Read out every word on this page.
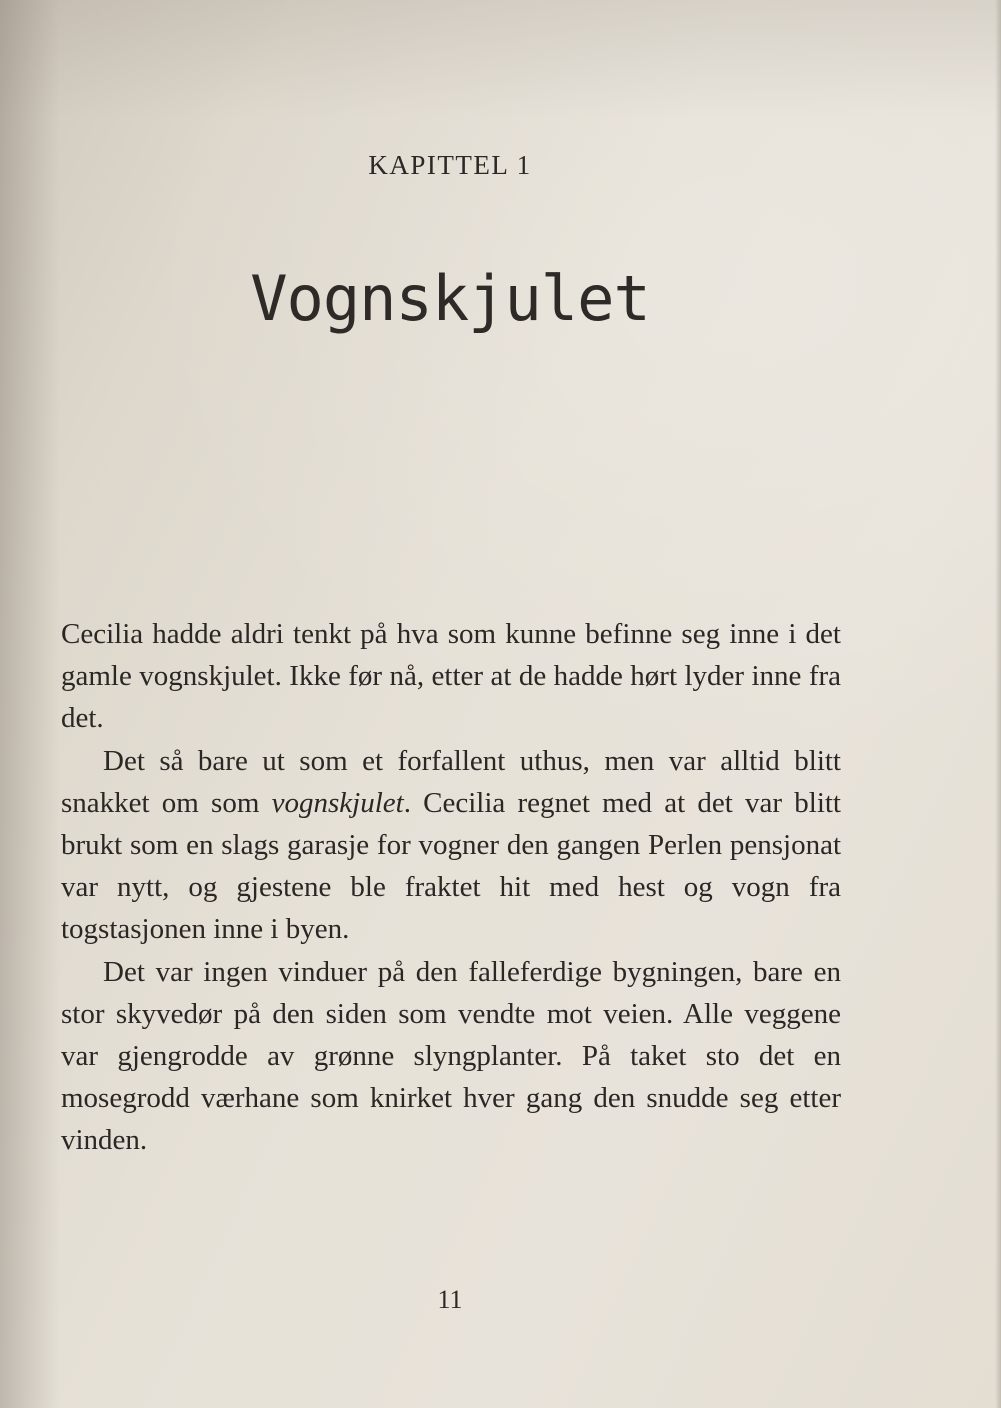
KAPITTEL 1
Vognskjulet

Cecilia hadde aldri tenkt på hva som kunne befinne seg inne i det gamle vognskjulet. Ikke før nå, etter at de hadde hørt lyder inne fra det.

Det så bare ut som et forfallent uthus, men var alltid blitt snakket om som vognskjulet. Cecilia regnet med at det var blitt brukt som en slags garasje for vogner den gangen Perlen pensjonat var nytt, og gjestene ble fraktet hit med hest og vogn fra togstasjonen inne i byen.

Det var ingen vinduer på den falleferdige bygningen, bare en stor skyvedør på den siden som vendte mot veien. Alle veggene var gjengrodde av grønne slyngplanter. På taket sto det en mosegrodd værhane som knirket hver gang den snudde seg etter vinden.

11
